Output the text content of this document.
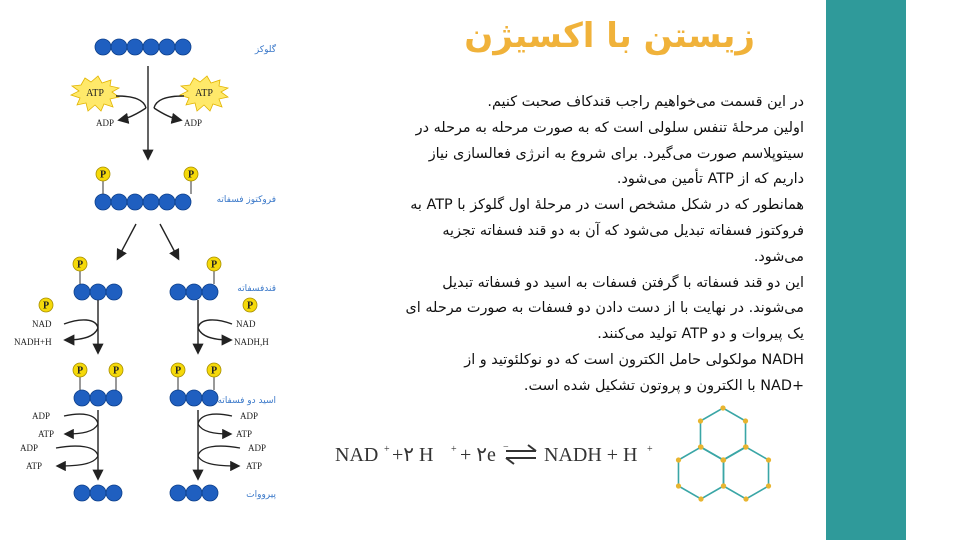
زیستن با اکسیژن
در این قسمت می‌خواهیم راجب قندکاف صحبت کنیم.
اولین مرحلهٔ تنفس سلولی است که به صورت مرحله به مرحله در
سیتوپلاسم صورت می‌گیرد. برای شروع به انرژی فعالسازی نیاز
داریم که از ATP تأمین می‌شود.
همانطور که در شکل مشخص است در مرحلهٔ اول گلوکز با ATP به
فروکتوز فسفاته تبدیل می‌شود که آن به دو قند فسفاته تجزیه
می‌شود.
این دو قند فسفاته با گرفتن فسفات به اسید دو فسفاته تبدیل
می‌شوند. در نهایت با از دست دادن دو فسفات به صورت مرحله ای
یک پیروات و دو ATP تولید می‌کنند.
NADH مولکولی حامل الکترون است که دو نوکلئوتید و از
+NAD با الکترون و پروتون تشکیل شده است.
P	P
P	P
P	P
P	P	P	P
ATP	ATP
ADP	ADP
NAD
NADH+H
NAD
NADH,H
ADP
ATP
ADP
ATP
ADP
ATP
ADP
ATP
گلوکز
فروکتوز فسفاته
قندفسفاته
اسید دو فسفاته
پیرووات
NAD + +۲ H + + ۲e − NADH + H +
